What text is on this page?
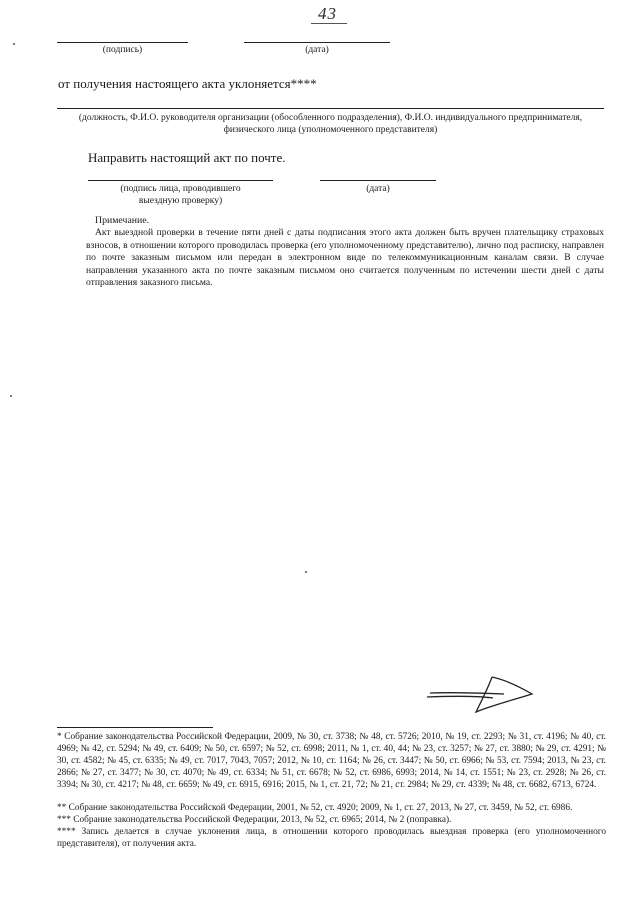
43
(подпись)	(дата)
от получения настоящего акта уклоняется****
(должность, Ф.И.О. руководителя организации (обособленного подразделения), Ф.И.О. индивидуального предпринимателя,
физического лица (уполномоченного представителя)
Направить настоящий акт по почте.
(подпись лица, проводившего
выездную проверку)
(дата)
Примечание.
Акт выездной проверки в течение пяти дней с даты подписания этого акта должен быть вручен плательщику страховых взносов, в отношении которого проводилась проверка (его уполномоченному представителю), лично под расписку, направлен по почте заказным письмом или передан в электронном виде по телекоммуникационным каналам связи. В случае направления указанного акта по почте заказным письмом оно считается полученным по истечении шести дней с даты отправления заказного письма.
* Собрание законодательства Российской Федерации, 2009, № 30, ст. 3738; № 48, ст. 5726; 2010, № 19, ст. 2293; № 31, ст. 4196; № 40, ст. 4969; № 42, ст. 5294; № 49, ст. 6409; № 50, ст. 6597; № 52, ст. 6998; 2011, № 1, ст. 40, 44; № 23, ст. 3257; № 27, ст. 3880; № 29, ст. 4291; № 30, ст. 4582; № 45, ст. 6335; № 49, ст. 7017, 7043, 7057; 2012, № 10, ст. 1164; № 26, ст. 3447; № 50, ст. 6966; № 53, ст. 7594; 2013, № 23, ст. 2866; № 27, ст. 3477; № 30, ст. 4070; № 49, ст. 6334; № 51, ст. 6678; № 52, ст. 6986, 6993; 2014, № 14, ст. 1551; № 23, ст. 2928; № 26, ст. 3394; № 30, ст. 4217; № 48, ст. 6659; № 49, ст. 6915, 6916; 2015, № 1, ст. 21, 72; № 21, ст. 2984; № 29, ст. 4339; № 48, ст. 6682, 6713, 6724.
** Собрание законодательства Российской Федерации, 2001, № 52, ст. 4920; 2009, № 1, ст. 27, 2013, № 27, ст. 3459, № 52, ст. 6986.
*** Собрание законодательства Российской Федерации, 2013, № 52, ст. 6965; 2014, № 2 (поправка).
**** Запись делается в случае уклонения лица, в отношении которого проводилась выездная проверка (его уполномоченного представителя), от получения акта.
